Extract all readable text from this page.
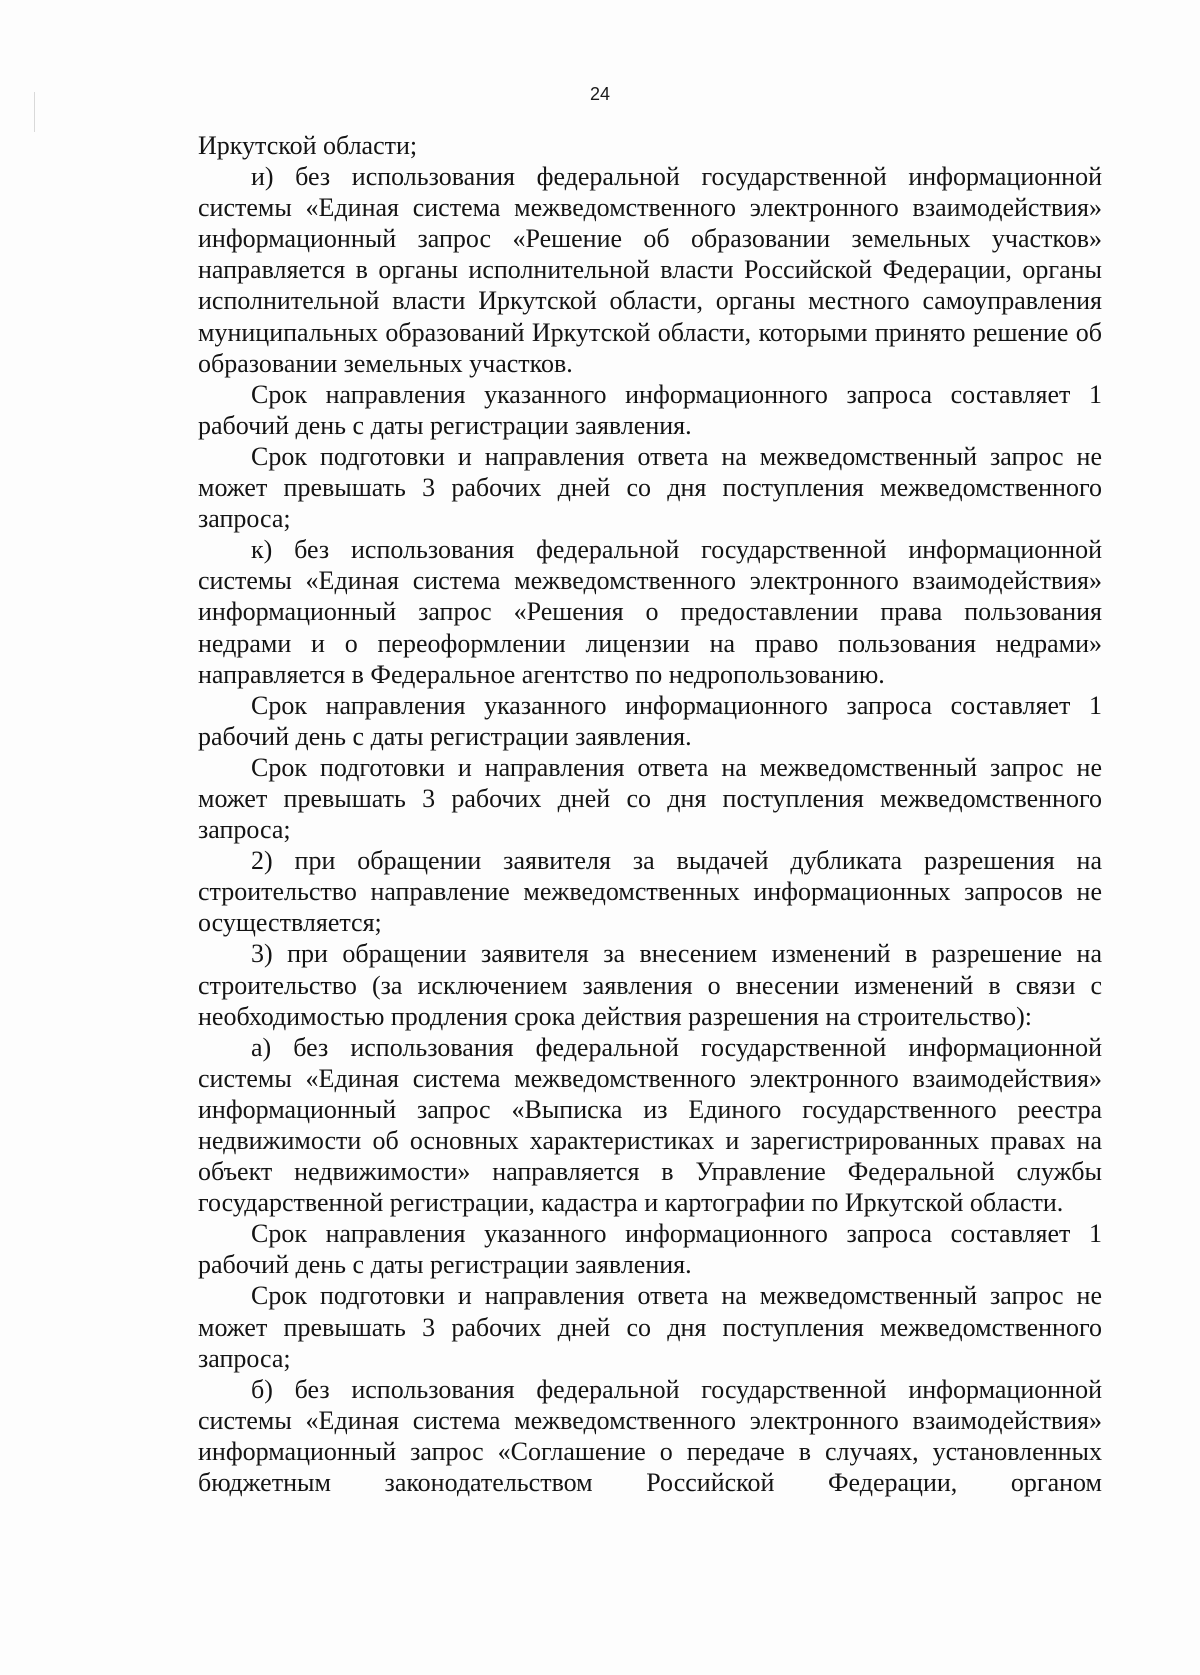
24

Иркутской области;

и) без использования федеральной государственной информационной системы «Единая система межведомственного электронного взаимодействия» информационный запрос «Решение об образовании земельных участков» направляется в органы исполнительной власти Российской Федерации, органы исполнительной власти Иркутской области, органы местного самоуправления муниципальных образований Иркутской области, которыми принято решение об образовании земельных участков.

Срок направления указанного информационного запроса составляет 1 рабочий день с даты регистрации заявления.

Срок подготовки и направления ответа на межведомственный запрос не может превышать 3 рабочих дней со дня поступления межведомственного запроса;

к) без использования федеральной государственной информационной системы «Единая система межведомственного электронного взаимодействия» информационный запрос «Решения о предоставлении права пользования недрами и о переоформлении лицензии на право пользования недрами» направляется в Федеральное агентство по недропользованию.

Срок направления указанного информационного запроса составляет 1 рабочий день с даты регистрации заявления.

Срок подготовки и направления ответа на межведомственный запрос не может превышать 3 рабочих дней со дня поступления межведомственного запроса;

2) при обращении заявителя за выдачей дубликата разрешения на строительство направление межведомственных информационных запросов не осуществляется;

3) при обращении заявителя за внесением изменений в разрешение на строительство (за исключением заявления о внесении изменений в связи с необходимостью продления срока действия разрешения на строительство):

а) без использования федеральной государственной информационной системы «Единая система межведомственного электронного взаимодействия» информационный запрос «Выписка из Единого государственного реестра недвижимости об основных характеристиках и зарегистрированных правах на объект недвижимости» направляется в Управление Федеральной службы государственной регистрации, кадастра и картографии по Иркутской области.

Срок направления указанного информационного запроса составляет 1 рабочий день с даты регистрации заявления.

Срок подготовки и направления ответа на межведомственный запрос не может превышать 3 рабочих дней со дня поступления межведомственного запроса;

б) без использования федеральной государственной информационной системы «Единая система межведомственного электронного взаимодействия» информационный запрос «Соглашение о передаче в случаях, установленных бюджетным законодательством Российской Федерации, органом
